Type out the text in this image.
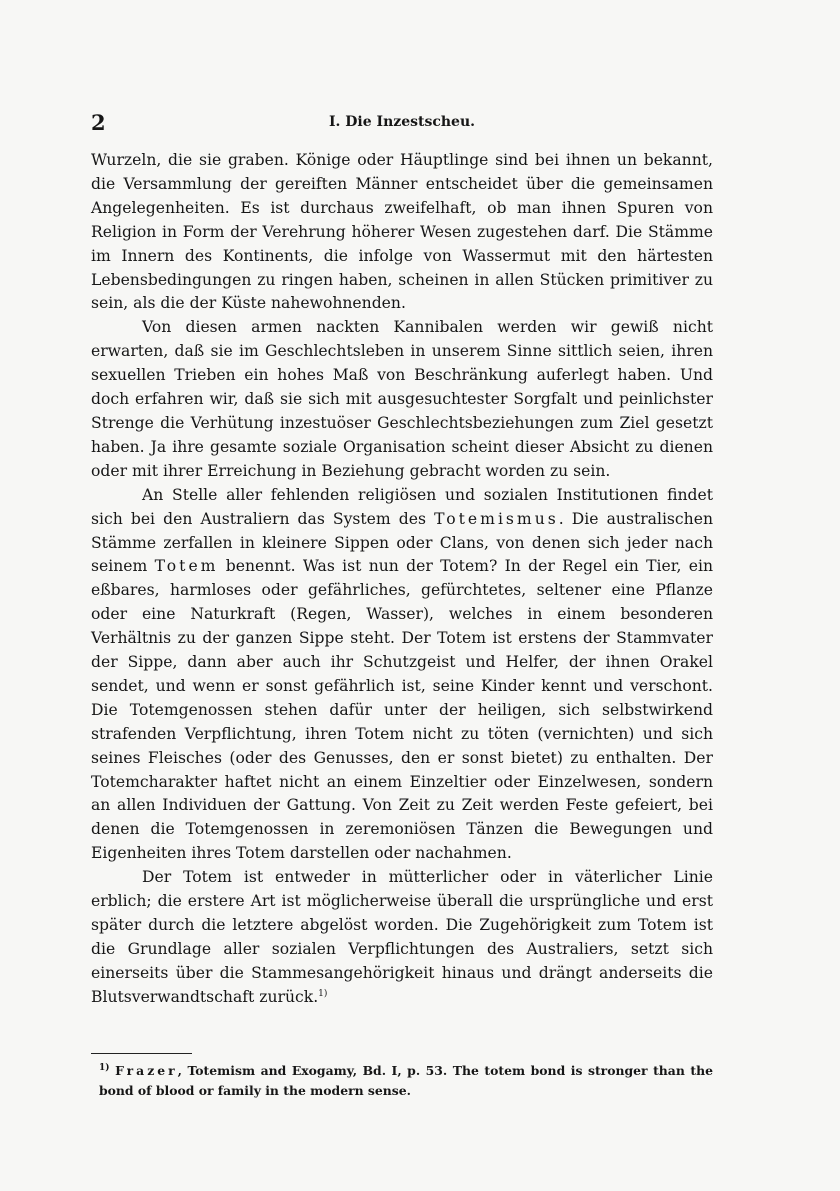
2	I. Die Inzestscheu.

Wurzeln, die sie graben. Könige oder Häuptlinge sind bei ihnen un bekannt, die Versammlung der gereiften Männer entscheidet über die gemeinsamen Angelegenheiten. Es ist durchaus zweifelhaft, ob man ihnen Spuren von Religion in Form der Verehrung höherer Wesen zugestehen darf. Die Stämme im Innern des Kontinents, die infolge von Wassermut mit den härtesten Lebensbedingungen zu ringen haben, scheinen in allen Stücken primitiver zu sein, als die der Küste nahewohnenden.

Von diesen armen nackten Kannibalen werden wir gewiß nicht erwarten, daß sie im Geschlechtsleben in unserem Sinne sittlich seien, ihren sexuellen Trieben ein hohes Maß von Beschränkung auferlegt haben. Und doch erfahren wir, daß sie sich mit ausgesuchtester Sorgfalt und peinlichster Strenge die Verhütung inzestuöser Geschlechtsbeziehungen zum Ziel gesetzt haben. Ja ihre gesamte soziale Organisation scheint dieser Absicht zu dienen oder mit ihrer Erreichung in Beziehung gebracht worden zu sein.

An Stelle aller fehlenden religiösen und sozialen Institutionen findet sich bei den Australiern das System des Totemismus. Die australischen Stämme zerfallen in kleinere Sippen oder Clans, von denen sich jeder nach seinem Totem benennt. Was ist nun der Totem? In der Regel ein Tier, ein eßbares, harmloses oder gefährliches, gefürchtetes, seltener eine Pflanze oder eine Naturkraft (Regen, Wasser), welches in einem besonderen Verhältnis zu der ganzen Sippe steht. Der Totem ist erstens der Stammvater der Sippe, dann aber auch ihr Schutzgeist und Helfer, der ihnen Orakel sendet, und wenn er sonst gefährlich ist, seine Kinder kennt und verschont. Die Totemgenossen stehen dafür unter der heiligen, sich selbstwirkend strafenden Verpflichtung, ihren Totem nicht zu töten (vernichten) und sich seines Fleisches (oder des Genusses, den er sonst bietet) zu enthalten. Der Totemcharakter haftet nicht an einem Einzeltier oder Einzelwesen, sondern an allen Individuen der Gattung. Von Zeit zu Zeit werden Feste gefeiert, bei denen die Totemgenossen in zeremoniösen Tänzen die Bewegungen und Eigenheiten ihres Totem darstellen oder nachahmen.

Der Totem ist entweder in mütterlicher oder in väterlicher Linie erblich; die erstere Art ist möglicherweise überall die ursprüngliche und erst später durch die letztere abgelöst worden. Die Zugehörigkeit zum Totem ist die Grundlage aller sozialen Verpflichtungen des Australiers, setzt sich einerseits über die Stammesangehörigkeit hinaus und drängt anderseits die Blutsverwandtschaft zurück.$^{1)}$

$^{1)}$ Frazer, Totemism and Exogamy, Bd. I, p. 53. The totem bond is stronger than the bond of blood or family in the modern sense.
